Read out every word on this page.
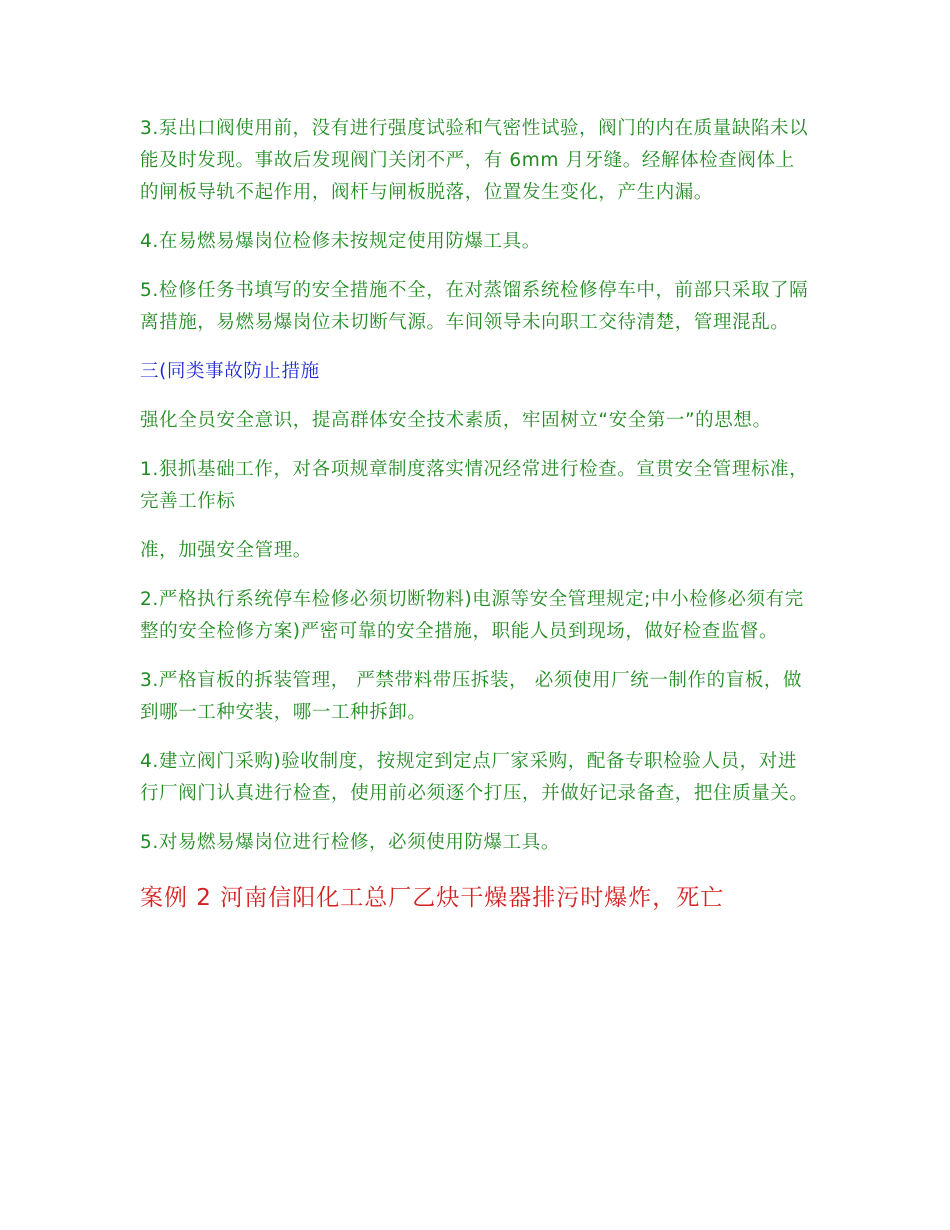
3.泵出口阀使用前，没有进行强度试验和气密性试验，阀门的内在质量缺陷未以能及时发现。事故后发现阀门关闭不严，有 6mm 月牙缝。经解体检查阀体上的闸板导轨不起作用，阀杆与闸板脱落，位置发生变化，产生内漏。

4.在易燃易爆岗位检修未按规定使用防爆工具。

5.检修任务书填写的安全措施不全，在对蒸馏系统检修停车中，前部只采取了隔离措施，易燃易爆岗位未切断气源。车间领导未向职工交待清楚，管理混乱。

三(同类事故防止措施

强化全员安全意识，提高群体安全技术素质，牢固树立“安全第一”的思想。

1.狠抓基础工作，对各项规章制度落实情况经常进行检查。宣贯安全管理标准，完善工作标

准，加强安全管理。

2.严格执行系统停车检修必须切断物料)电源等安全管理规定;中小检修必须有完整的安全检修方案)严密可靠的安全措施，职能人员到现场，做好检查监督。

3.严格盲板的拆装管理， 严禁带料带压拆装， 必须使用厂统一制作的盲板，做到哪一工种安装，哪一工种拆卸。

4.建立阀门采购)验收制度，按规定到定点厂家采购，配备专职检验人员，对进行厂阀门认真进行检查，使用前必须逐个打压，并做好记录备查，把住质量关。

5.对易燃易爆岗位进行检修，必须使用防爆工具。

案例 2 河南信阳化工总厂乙炔干燥器排污时爆炸，死亡
